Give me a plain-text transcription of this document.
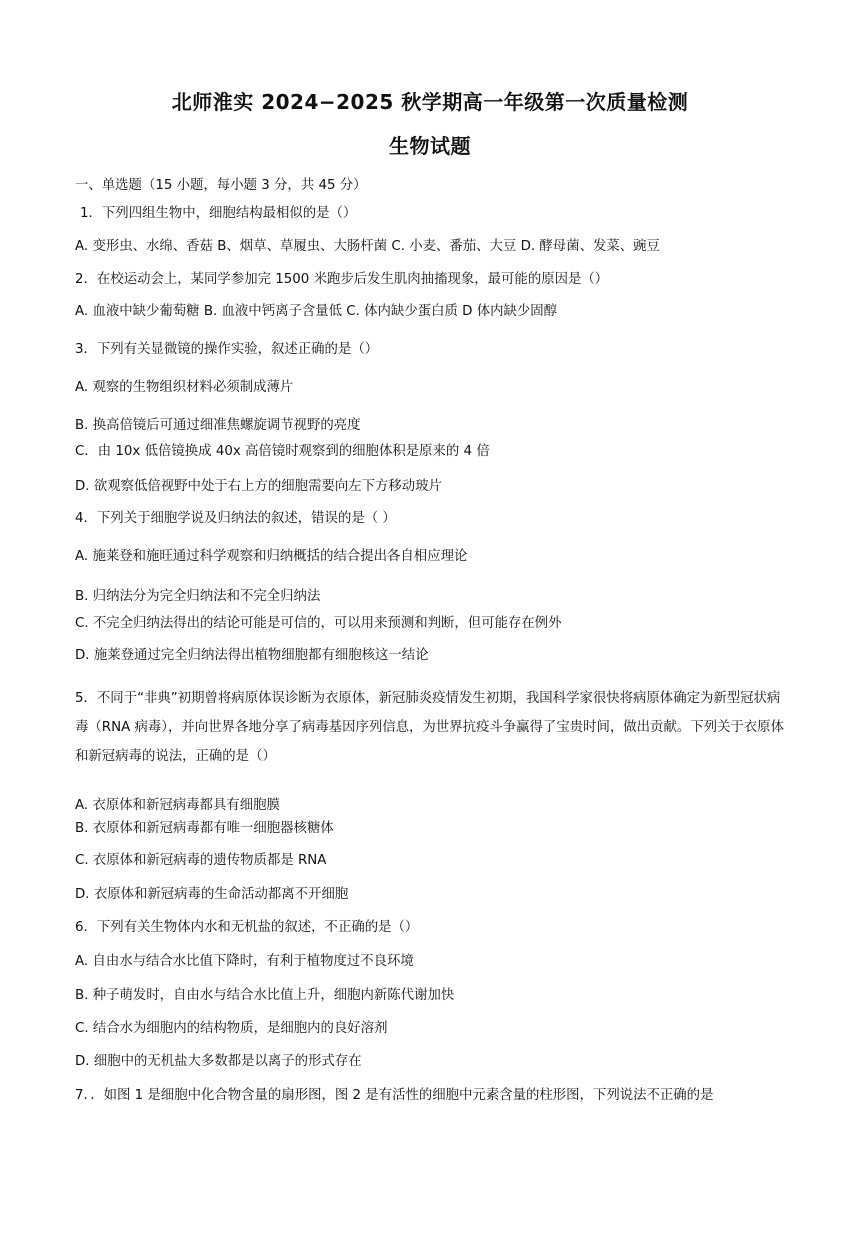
北师淮实 2024−2025 秋学期高一年级第一次质量检测
生物试题
一、单选题（15 小题，每小题 3 分，共 45 分）
1．下列四组生物中，细胞结构最相似的是（）
A. 变形虫、水绵、香菇 B、烟草、草履虫、大肠杆菌 C. 小麦、番茄、大豆 D. 酵母菌、发菜、豌豆
2．在校运动会上，某同学参加完 1500 米跑步后发生肌肉抽搐现象，最可能的原因是（）
A. 血液中缺少葡萄糖 B. 血液中钙离子含量低 C. 体内缺少蛋白质 D 体内缺少固醇
3．下列有关显微镜的操作实验，叙述正确的是（）
A. 观察的生物组织材料必须制成薄片
B. 换高倍镜后可通过细准焦螺旋调节视野的亮度
C．由 10x 低倍镜换成 40x 高倍镜时观察到的细胞体积是原来的 4 倍
D. 欲观察低倍视野中处于右上方的细胞需要向左下方移动玻片
4．下列关于细胞学说及归纳法的叙述，错误的是（ ）
A. 施莱登和施旺通过科学观察和归纳概括的结合提出各自相应理论
B. 归纳法分为完全归纳法和不完全归纳法
C. 不完全归纳法得出的结论可能是可信的，可以用来预测和判断，但可能存在例外
D. 施莱登通过完全归纳法得出植物细胞都有细胞核这一结论
5．不同于“非典”初期曾将病原体误诊断为衣原体，新冠肺炎疫情发生初期，我国科学家很快将病原体确定为新型冠状病毒（RNA 病毒），并向世界各地分享了病毒基因序列信息，为世界抗疫斗争赢得了宝贵时间，做出贡献。下列关于衣原体和新冠病毒的说法，正确的是（）
A. 衣原体和新冠病毒都具有细胞膜
B. 衣原体和新冠病毒都有唯一细胞器核糖体
C. 衣原体和新冠病毒的遗传物质都是 RNA
D. 衣原体和新冠病毒的生命活动都离不开细胞
6．下列有关生物体内水和无机盐的叙述，不正确的是（）
A. 自由水与结合水比值下降时，有利于植物度过不良环境
B. 种子萌发时，自由水与结合水比值上升，细胞内新陈代谢加快
C. 结合水为细胞内的结构物质，是细胞内的良好溶剂
D. 细胞中的无机盐大多数都是以离子的形式存在
7．．如图 1 是细胞中化合物含量的扇形图，图 2 是有活性的细胞中元素含量的柱形图，下列说法不正确的是
